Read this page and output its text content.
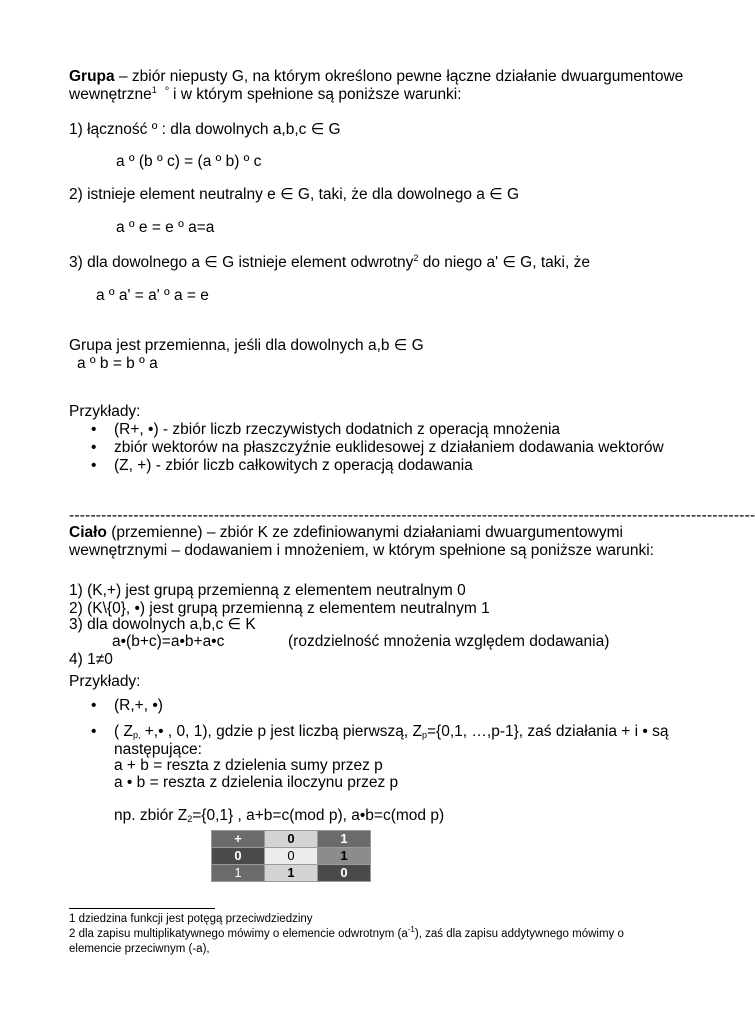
Grupa – zbiór niepusty G, na którym określono pewne łączne działanie dwuargumentowe
wewnętrzne$^1$ $^º$ i w którym spełnione są poniższe warunki:
1) łączność º : dla dowolnych a,b,c ∈ G
a º (b º c) = (a º b) º c
2) istnieje element neutralny e ∈ G, taki, że dla dowolnego a ∈ G
a º e = e º a=a
3) dla dowolnego a ∈ G istnieje element odwrotny$^2$ do niego a' ∈ G, taki, że
a º a' = a' º a = e
Grupa jest przemienna, jeśli dla dowolnych a,b ∈ G
a º b = b º a
Przykłady:
• (R+, •) - zbiór liczb rzeczywistych dodatnich z operacją mnożenia
• zbiór wektorów na płaszczyźnie euklidesowej z działaniem dodawania wektorów
• (Z, +) - zbiór liczb całkowitych z operacją dodawania
--------------------------------------------------------------------------------------------------------------------------------
Ciało (przemienne) – zbiór K ze zdefiniowanymi działaniami dwuargumentowymi
wewnętrznymi – dodawaniem i mnożeniem, w którym spełnione są poniższe warunki:
1) (K,+) jest grupą przemienną z elementem neutralnym 0
2) (K\{0}, •) jest grupą przemienną z elementem neutralnym 1
3) dla dowolnych a,b,c ∈ K
a•(b+c)=a•b+a•c	(rozdzielność mnożenia względem dodawania)
4) 1≠0
Przykłady:
• (R,+, •)
• ( $Z_{p,}$ +,• , 0, 1), gdzie p jest liczbą pierwszą, $Z_p=\{0,1$, …,p-1}, zaś działania + i • są
następujące:
a + b = reszta z dzielenia sumy przez p
a • b = reszta z dzielenia iloczynu przez p
np. zbiór $Z_2=\{0,1\}$ , a+b=c(mod p), a•b=c(mod p)
+	0	1
0	0	1
1	1	0
1 dziedzina funkcji jest potęgą przeciwdziedziny
2 dla zapisu multiplikatywnego mówimy o elemencie odwrotnym $(a^{-1})$, zaś dla zapisu addytywnego mówimy o
elemencie przeciwnym (-a),
